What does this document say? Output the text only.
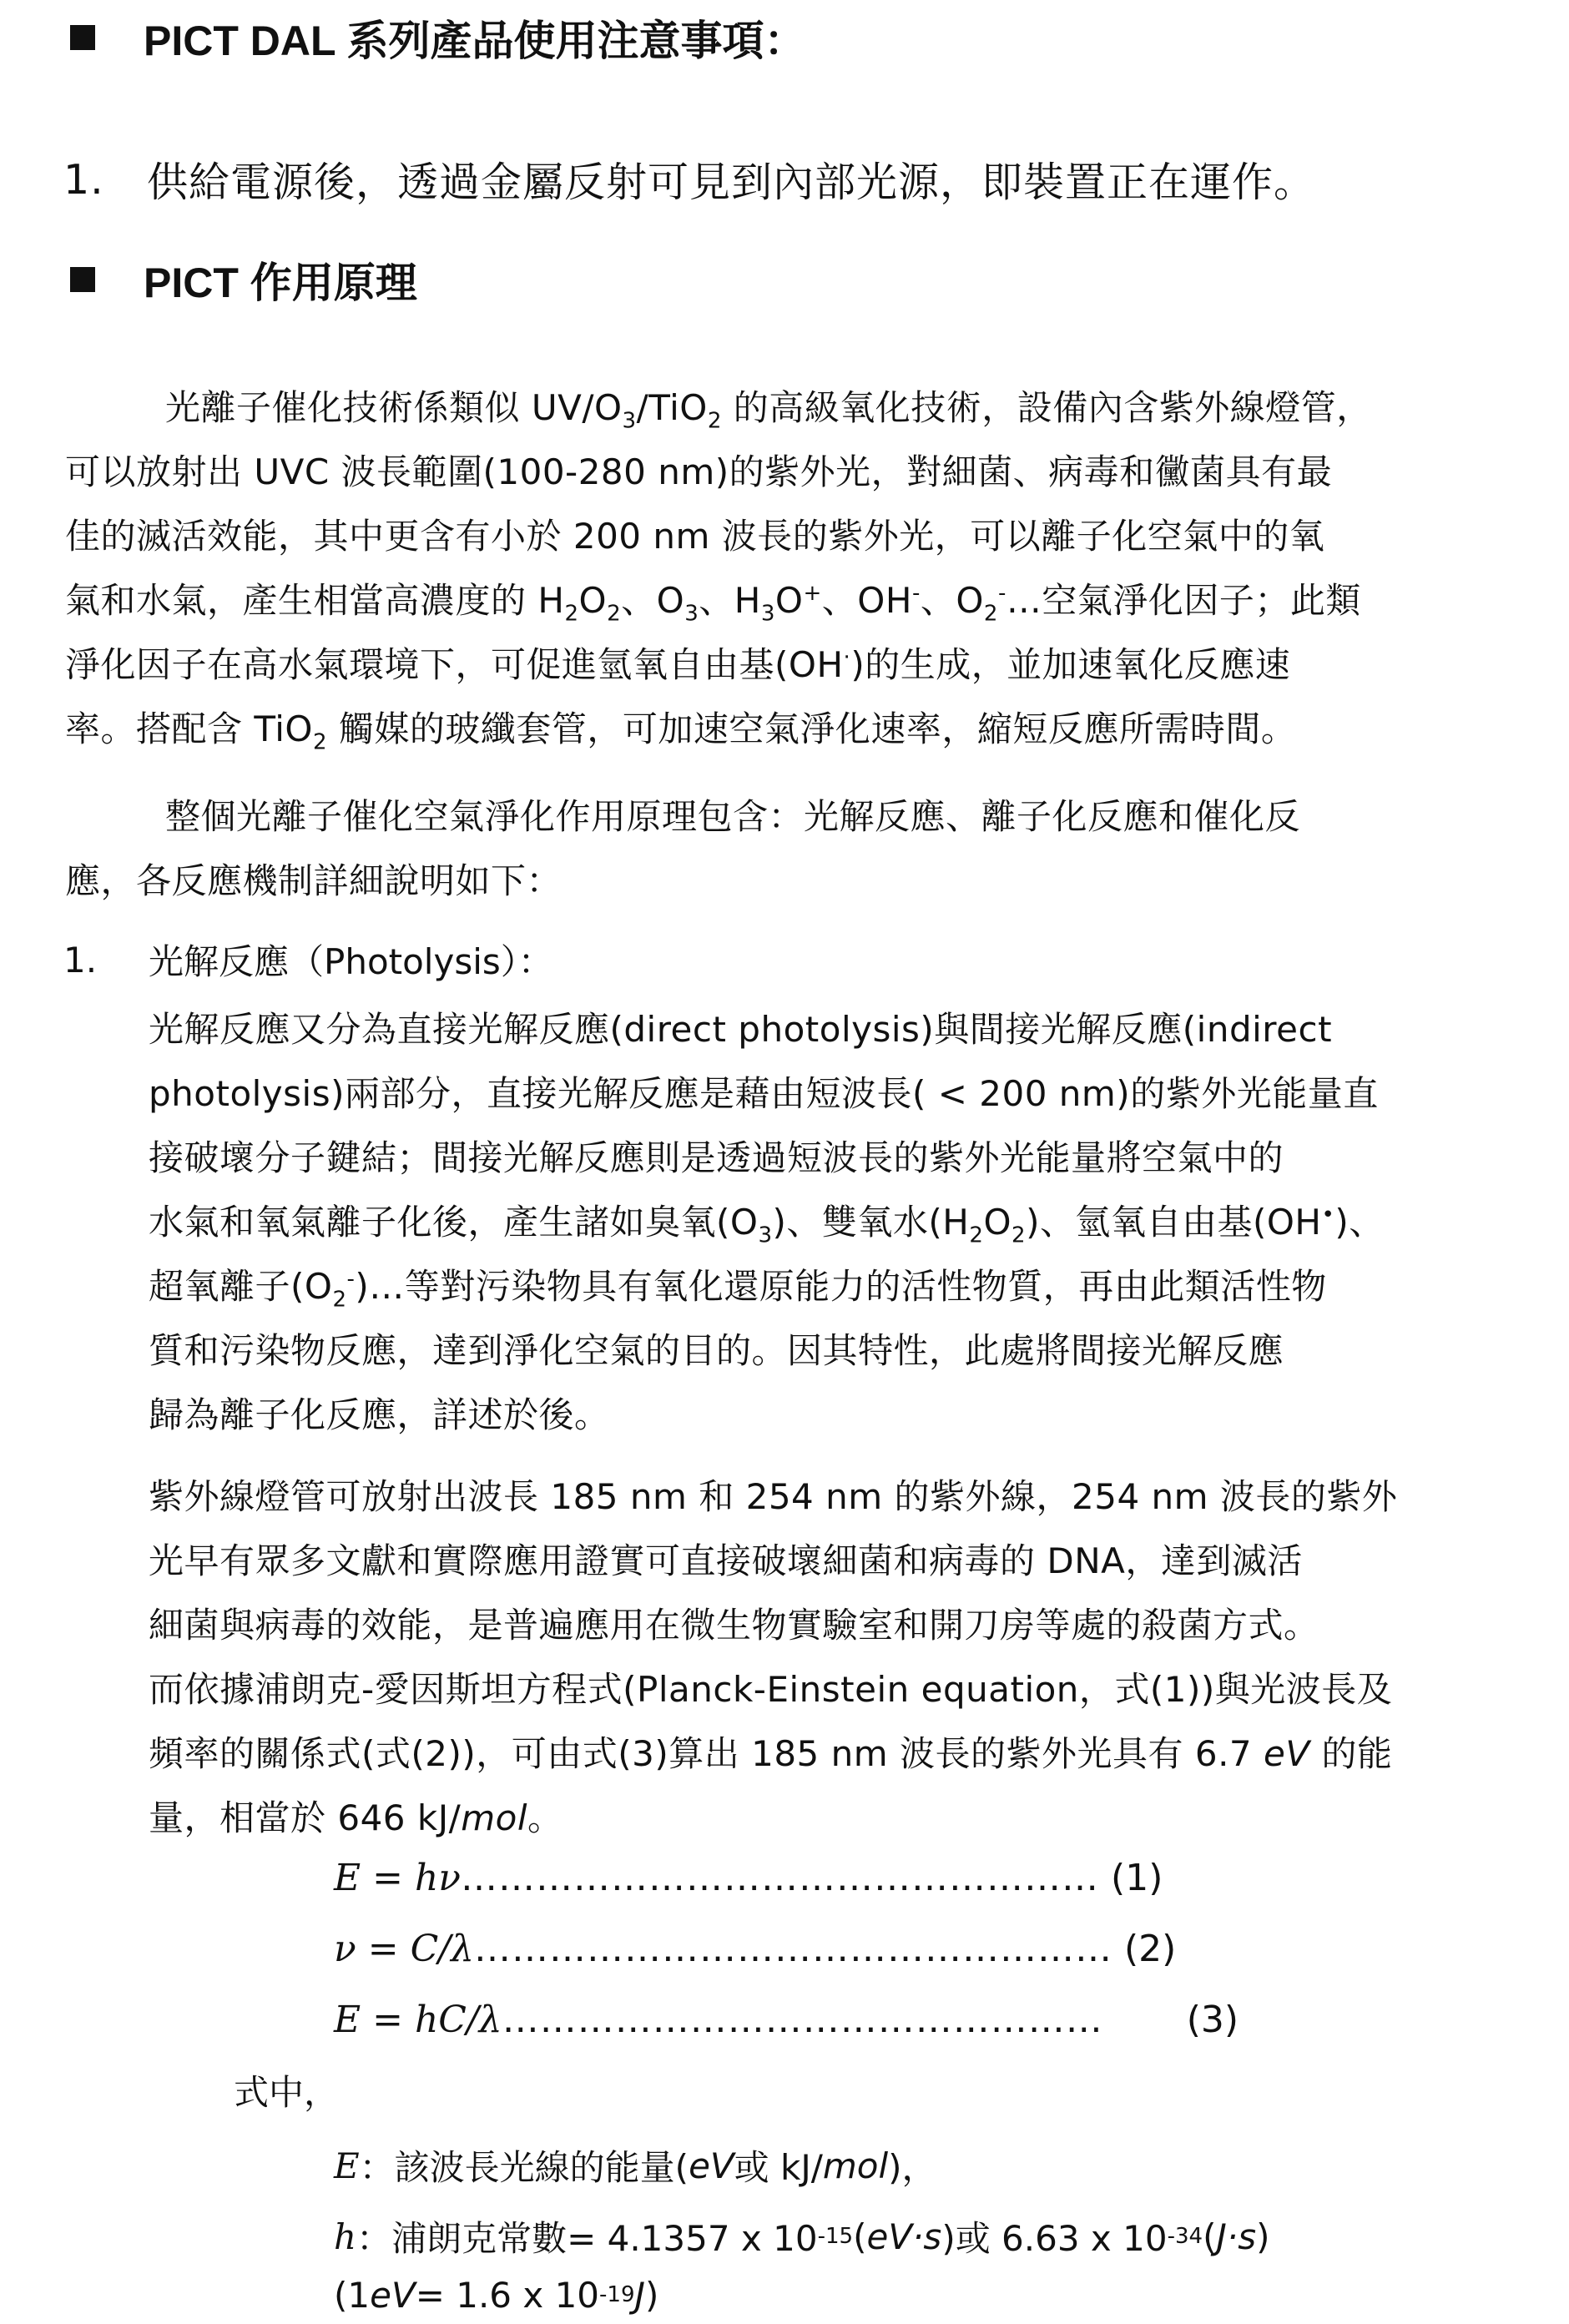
PICT DAL 系列產品使用注意事項：
1.	供給電源後，透過金屬反射可見到內部光源，即裝置正在運作。
PICT 作用原理
光離子催化技術係類似 $UV/O_3/TiO_2$ 的高級氧化技術，設備內含紫外線燈管，
可以放射出 UVC 波長範圍(100-280 nm)的紫外光，對細菌、病毒和黴菌具有最
佳的滅活效能，其中更含有小於 200 nm 波長的紫外光，可以離子化空氣中的氧
氣和水氣，產生相當高濃度的 $H_2O_2$、$O_3$、$H_3O^+$、OH-、$O_2^-\dots$空氣淨化因子；此類
淨化因子在高水氣環境下，可促進氫氧自由基(OH·)的生成，並加速氧化反應速
率。搭配含 TiO$_2$ 觸媒的玻纖套管，可加速空氣淨化速率，縮短反應所需時間。
整個光離子催化空氣淨化作用原理包含：光解反應、離子化反應和催化反
應，各反應機制詳細說明如下：
1.	光解反應（Photolysis）：
光解反應又分為直接光解反應(direct photolysis)與間接光解反應(indirect
photolysis)兩部分，直接光解反應是藉由短波長( < 200 nm)的紫外光能量直
接破壞分子鍵結；間接光解反應則是透過短波長的紫外光能量將空氣中的
水氣和氧氣離子化後，產生諸如臭氧$(O_3)$、雙氧水$(H_2O_2)$、氫氧自由基(OH•)、
超氧離子$(O_2^-)\dots$等對污染物具有氧化還原能力的活性物質，再由此類活性物
質和污染物反應，達到淨化空氣的目的。因其特性，此處將間接光解反應
歸為離子化反應，詳述於後。
紫外線燈管可放射出波長 185 nm 和 254 nm 的紫外線，254 nm 波長的紫外
光早有眾多文獻和實際應用證實可直接破壞細菌和病毒的 DNA，達到滅活
細菌與病毒的效能，是普遍應用在微生物實驗室和開刀房等處的殺菌方式。
而依據浦朗克-愛因斯坦方程式(Planck-Einstein equation，式(1))與光波長及
頻率的關係式(式(2))，可由式(3)算出 185 nm 波長的紫外光具有 6.7 eV 的能
量，相當於 646 kJ/mol。
E = hν …………………………………………… (1)
ν = C/λ …………………………………………… (2)
E = hC/λ ………………………………………… (3)
式中，
E ：該波長光線的能量( eV 或 kJ/ mol )，
h ：浦朗克常數= 4.1357 x 10 -15 ( eV·s )或 6.63 x 10 -34 ( J·s )
(1 eV = 1.6 x 10 -19 J )
